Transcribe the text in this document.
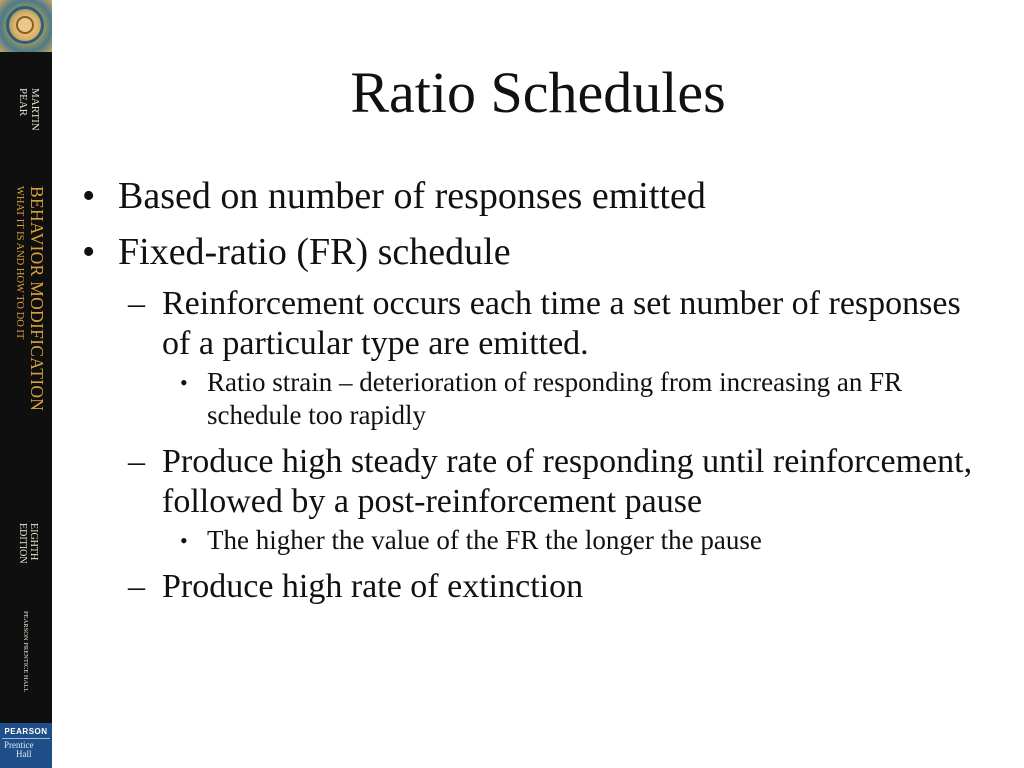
MARTIN
PEAR
BEHAVIOR MODIFICATION
WHAT IT IS AND HOW TO DO IT
EIGHTH
EDITION
PEARSON PRENTICE HALL
PEARSON
Prentice
Hall
Ratio Schedules
• Based on number of responses emitted
• Fixed-ratio (FR) schedule
– Reinforcement occurs each time a set number of responses of a particular type are emitted.
• Ratio strain – deterioration of responding from increasing an FR schedule too rapidly
– Produce high steady rate of responding until reinforcement, followed by a post-reinforcement pause
• The higher the value of the FR the longer the pause
– Produce high rate of extinction
